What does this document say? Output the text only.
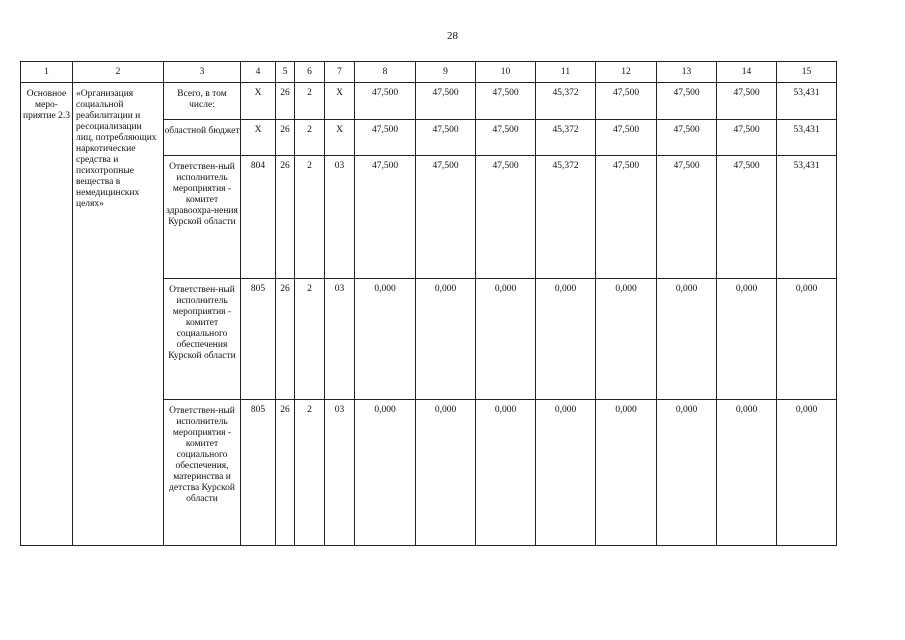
28
1	2	3	4	5	6	7	8	9	10	11	12	13	14	15
Основное меро-приятие 2.3	«Организация социальной реабилитации и ресоциализации лиц, потребляющих наркотические средства и психотропные вещества в немедицинских целях»	Всего, в том числе:	Х	26	2	Х	47,500	47,500	47,500	45,372	47,500	47,500	47,500	53,431
		областной бюджет	Х	26	2	Х	47,500	47,500	47,500	45,372	47,500	47,500	47,500	53,431
		Ответствен-ный исполнитель мероприятия - комитет здравоохра-нения Курской области	804	26	2	03	47,500	47,500	47,500	45,372	47,500	47,500	47,500	53,431
		Ответствен-ный исполнитель мероприятия - комитет социального обеспечения Курской области	805	26	2	03	0,000	0,000	0,000	0,000	0,000	0,000	0,000	0,000
		Ответствен-ный исполнитель мероприятия - комитет социального обеспечения, материнства и детства Курской области	805	26	2	03	0,000	0,000	0,000	0,000	0,000	0,000	0,000	0,000
